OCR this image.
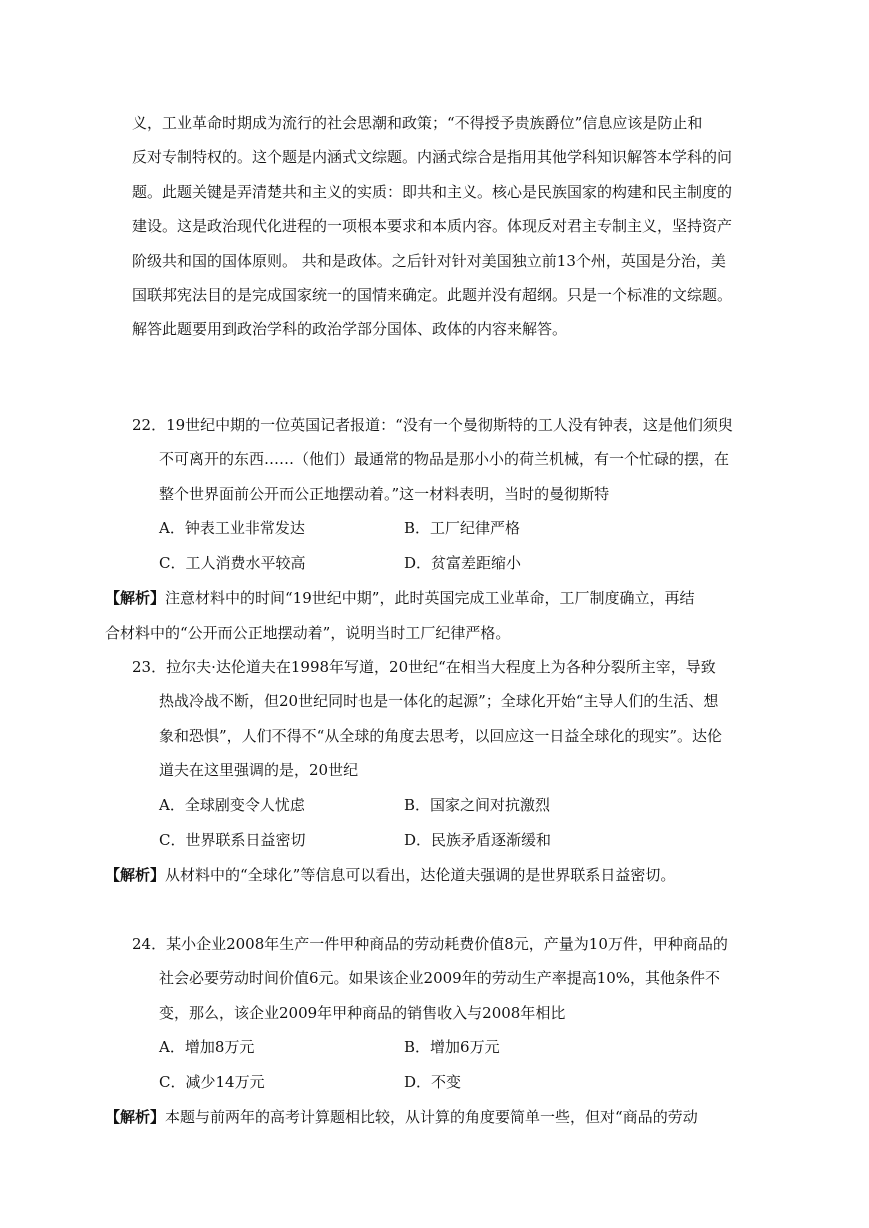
义，工业革命时期成为流行的社会思潮和政策；“不得授予贵族爵位”信息应该是防止和

反对专制特权的。这个题是内涵式文综题。内涵式综合是指用其他学科知识解答本学科的问

题。此题关键是弄清楚共和主义的实质：即共和主义。核心是民族国家的构建和民主制度的

建设。这是政治现代化进程的一项根本要求和本质内容。体现反对君主专制主义，坚持资产

阶级共和国的国体原则。 共和是政体。之后针对针对美国独立前13个州，英国是分治，美

国联邦宪法目的是完成国家统一的国情来确定。此题并没有超纲。只是一个标准的文综题。

解答此题要用到政治学科的政治学部分国体、政体的内容来解答。

22．19世纪中期的一位英国记者报道：“没有一个曼彻斯特的工人没有钟表，这是他们须臾

不可离开的东西……（他们）最通常的物品是那小小的荷兰机械，有一个忙碌的摆，在

整个世界面前公开而公正地摆动着。”这一材料表明，当时的曼彻斯特

A．钟表工业非常发达	B．工厂纪律严格
C．工人消费水平较高	D．贫富差距缩小

【解析】注意材料中的时间“19世纪中期”，此时英国完成工业革命，工厂制度确立，再结

合材料中的“公开而公正地摆动着”，说明当时工厂纪律严格。

23．拉尔夫·达伦道夫在1998年写道，20世纪“在相当大程度上为各种分裂所主宰，导致

热战冷战不断，但20世纪同时也是一体化的起源”；全球化开始“主导人们的生活、想

象和恐惧”，人们不得不“从全球的角度去思考，以回应这一日益全球化的现实”。达伦

道夫在这里强调的是，20世纪

A．全球剧变令人忧虑	B．国家之间对抗激烈
C．世界联系日益密切	D．民族矛盾逐渐缓和

【解析】从材料中的“全球化”等信息可以看出，达伦道夫强调的是世界联系日益密切。

24．某小企业2008年生产一件甲种商品的劳动耗费价值8元，产量为10万件，甲种商品的

社会必要劳动时间价值6元。如果该企业2009年的劳动生产率提高10%，其他条件不

变，那么，该企业2009年甲种商品的销售收入与2008年相比

A．增加8万元	B．增加6万元
C．减少14万元	D．不变

【解析】本题与前两年的高考计算题相比较，从计算的角度要简单一些，但对“商品的劳动
